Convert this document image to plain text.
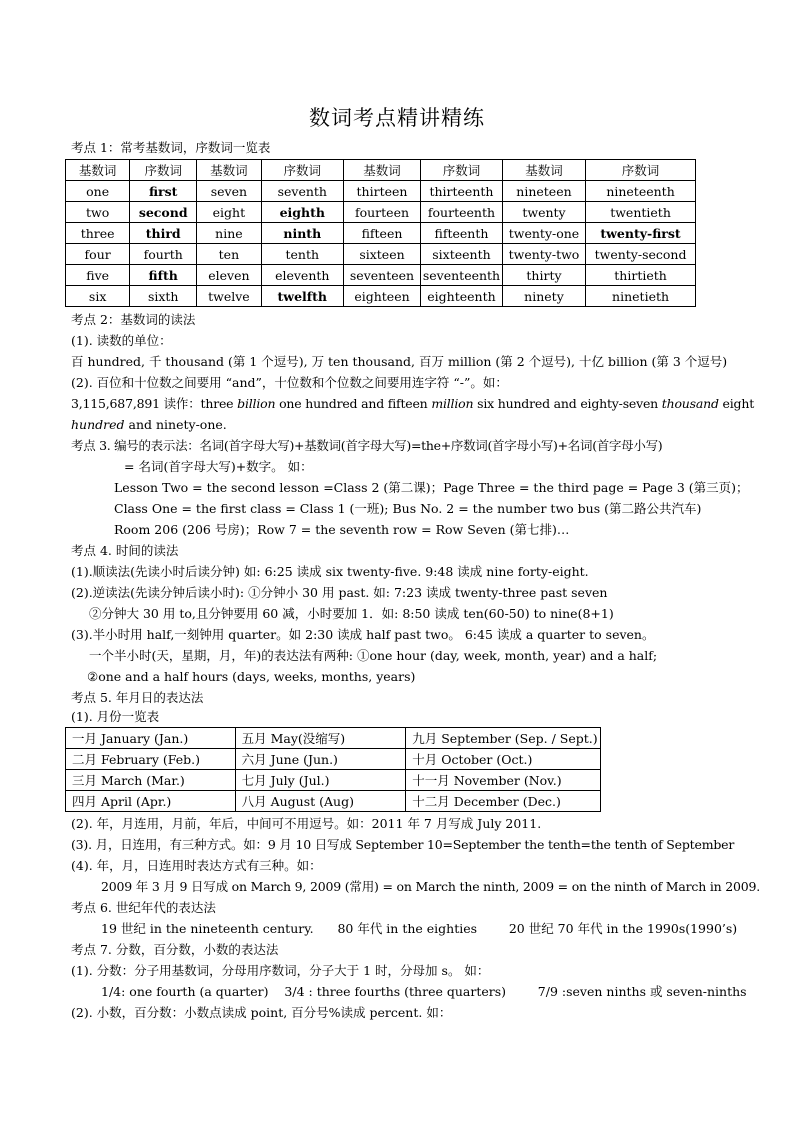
数词考点精讲精练
考点 1：常考基数词，序数词一览表
基数词	序数词	基数词	序数词	基数词	序数词	基数词	序数词
one	first	seven	seventh	thirteen	thirteenth	nineteen	nineteenth
two	second	eight	eighth	fourteen	fourteenth	twenty	twentieth
three	third	nine	ninth	fifteen	fifteenth	twenty-one	twenty-first
four	fourth	ten	tenth	sixteen	sixteenth	twenty-two	twenty-second
five	fifth	eleven	eleventh	seventeen	seventeenth	thirty	thirtieth
six	sixth	twelve	twelfth	eighteen	eighteenth	ninety	ninetieth
考点 2：基数词的读法
(1). 读数的单位：
百 hundred, 千 thousand (第 1 个逗号), 万 ten thousand, 百万 million (第 2 个逗号), 十亿 billion (第 3 个逗号)
(2). 百位和十位数之间要用 “and”，十位数和个位数之间要用连字符 “-”。如：
3,115,687,891 读作：three billion one hundred and fifteen million six hundred and eighty-seven thousand eight
hundred and ninety-one.
考点 3. 编号的表示法：名词(首字母大写)+基数词(首字母大写)=the+序数词(首字母小写)+名词(首字母小写)
= 名词(首字母大写)+数字。 如：
Lesson Two = the second lesson =Class 2 (第二课)；Page Three = the third page = Page 3 (第三页)；
Class One = the first class = Class 1 (一班); Bus No. 2 = the number two bus (第二路公共汽车)
Room 206 (206 号房)；Row 7 = the seventh row = Row Seven (第七排)…
考点 4. 时间的读法
(1).顺读法(先读小时后读分钟) 如: 6:25 读成 six twenty-five. 9:48 读成 nine forty-eight.
(2).逆读法(先读分钟后读小时): ①分钟小 30 用 past. 如: 7:23 读成 twenty-three past seven
②分钟大 30 用 to,且分钟要用 60 减，小时要加 1．如: 8:50 读成 ten(60-50) to nine(8+1)
(3).半小时用 half,一刻钟用 quarter。如 2:30 读成 half past two。 6:45 读成 a quarter to seven。
一个半小时(天，星期，月，年)的表达法有两种: ①one hour (day, week, month, year) and a half;
②one and a half hours (days, weeks, months, years)
考点 5. 年月日的表达法
(1). 月份一览表
一月 January (Jan.)	五月 May(没缩写)	九月 September (Sep. / Sept.)
二月 February (Feb.)	六月 June (Jun.)	十月 October (Oct.)
三月 March (Mar.)	七月 July (Jul.)	十一月 November (Nov.)
四月 April (Apr.)	八月 August (Aug)	十二月 December (Dec.)
(2). 年，月连用，月前，年后，中间可不用逗号。如：2011 年 7 月写成 July 2011.
(3). 月，日连用，有三种方式。如：9 月 10 日写成 September 10=September the tenth=the tenth of September
(4). 年，月，日连用时表达方式有三种。如：
2009 年 3 月 9 日写成 on March 9, 2009 (常用) = on March the ninth, 2009 = on the ninth of March in 2009.
考点 6. 世纪年代的表达法
19 世纪 in the nineteenth century.      80 年代 in the eighties        20 世纪 70 年代 in the 1990s(1990’s)
考点 7. 分数，百分数，小数的表达法
(1). 分数：分子用基数词，分母用序数词，分子大于 1 时，分母加 s。 如：
1/4: one fourth (a quarter)    3/4 : three fourths (three quarters)        7/9 :seven ninths 或 seven-ninths
(2). 小数，百分数：小数点读成 point, 百分号%读成 percent. 如：
